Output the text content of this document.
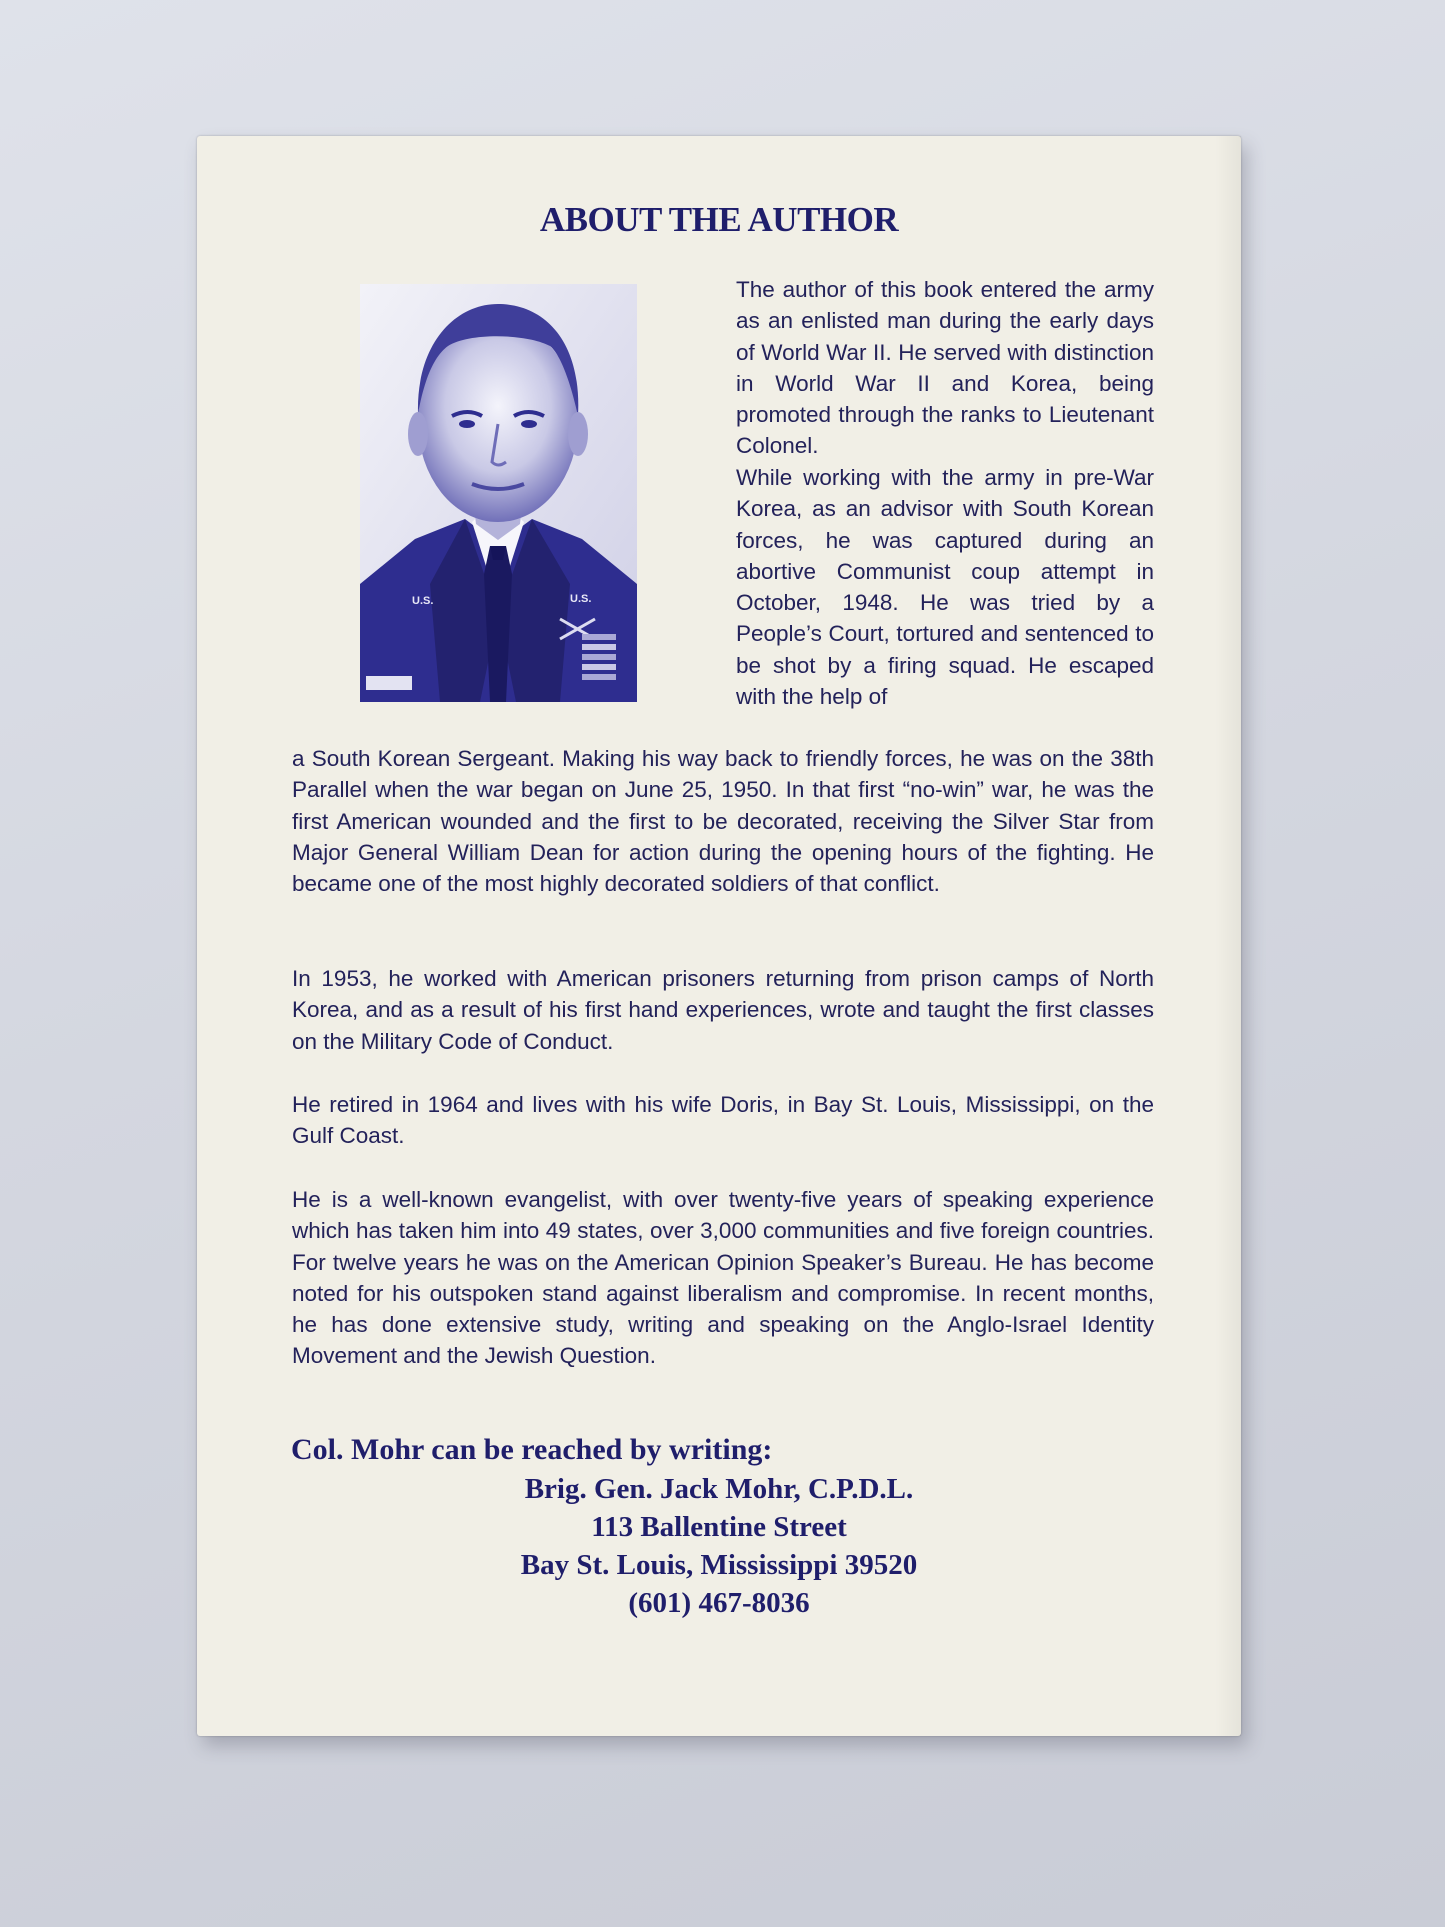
ABOUT THE AUTHOR
U.S.	U.S.

The author of this book entered the army as an enlisted man during the early days of World War II. He served with distinction in World War II and Korea, being promoted through the ranks to Lieutenant Colonel.

While working with the army in pre-War Korea, as an advisor with South Korean forces, he was captured during an abortive Communist coup attempt in October, 1948. He was tried by a People’s Court, tortured and sentenced to be shot by a firing squad. He escaped with the help of

a South Korean Sergeant. Making his way back to friendly forces, he was on the 38th Parallel when the war began on June 25, 1950. In that first “no-win” war, he was the first American wounded and the first to be decorated, receiving the Silver Star from Major General William Dean for action during the opening hours of the fighting. He became one of the most highly decorated soldiers of that conflict.

In 1953, he worked with American prisoners returning from prison camps of North Korea, and as a result of his first hand experiences, wrote and taught the first classes on the Military Code of Conduct.

He retired in 1964 and lives with his wife Doris, in Bay St. Louis, Mississippi, on the Gulf Coast.

He is a well-known evangelist, with over twenty-five years of speaking experience which has taken him into 49 states, over 3,000 communities and five foreign countries. For twelve years he was on the American Opinion Speaker’s Bureau. He has become noted for his outspoken stand against liberalism and compromise. In recent months, he has done extensive study, writing and speaking on the Anglo-Israel Identity Movement and the Jewish Question.

Col. Mohr can be reached by writing:

Brig. Gen. Jack Mohr, C.P.D.L.

113 Ballentine Street

Bay St. Louis, Mississippi 39520

(601) 467-8036
